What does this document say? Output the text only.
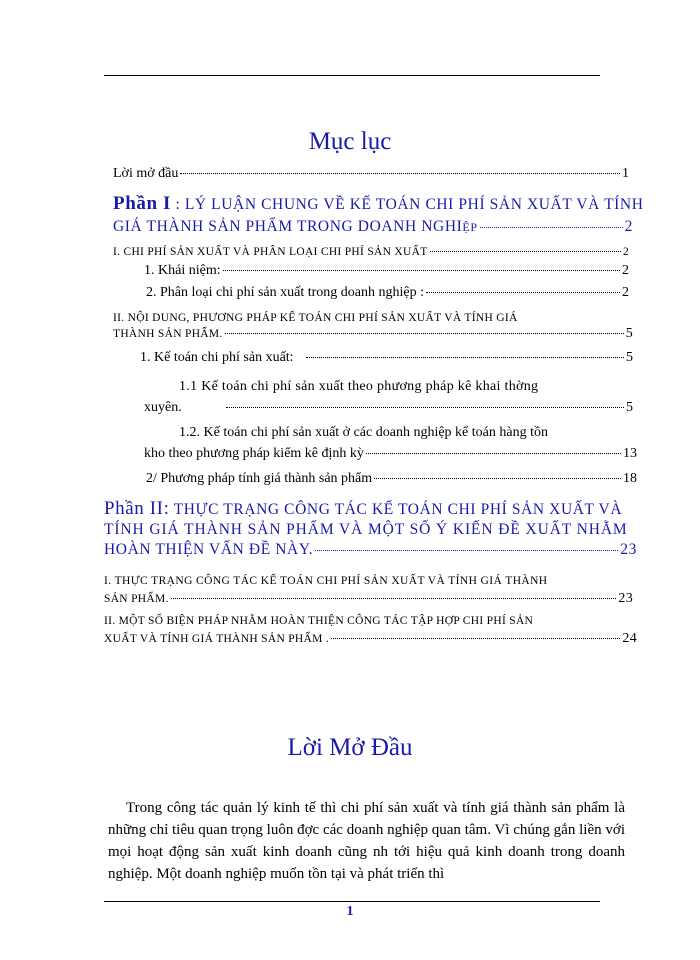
Mục lục
Lời mở đầu	1
Phần I : LÝ LUẬN CHUNG VỀ KẾ TOÁN CHI PHÍ SẢN XUẤT VÀ TÍNH
GIÁ THÀNH SẢN PHẨM TRONG DOANH NGHI ỆP	2
I. CHI PHÍ SẢN XUẤT VÀ PHÂN LOẠI CHI PHÍ SẢN XUẤT	2
1. Khái niệm:	2
2. Phân loại chi phí sản xuất trong doanh nghiệp :	2
II. NỘI DUNG, PHƯƠNG PHÁP KẾ TOÁN CHI PHÍ SẢN XUẤT VÀ TÍNH GIÁ
THÀNH SẢN PHẨM.	5
1. Kế toán chi phí sản xuất:	5
1.1 Kế toán chi phí sản xuất theo phương pháp kê khai thờng
xuyên.	5
1.2. Kế toán chi phí sản xuất ở các doanh nghiệp kế toán hàng tồn
kho theo phương pháp kiểm kê định kỳ	13
2/ Phương pháp tính giá thành sản phẩm	18
Phần II: THỰC TRẠNG CÔNG TÁC KẾ TOÁN CHI PHÍ SẢN XUẤT VÀ
TÍNH GIÁ THÀNH SẢN PHẨM VÀ MỘT SỐ Ý KIẾN ĐỀ XUẤT NHẰM
HOÀN THIỆN VẤN ĐỀ NÀY.	23
I. THỰC TRẠNG CÔNG TÁC KẾ TOÁN CHI PHÍ SẢN XUẤT VÀ TÍNH GIÁ THÀNH
SẢN PHẨM.	23
II. MỘT SỐ BIỆN PHÁP NHẰM HOÀN THIỆN CÔNG TÁC TẬP HỢP CHI PHÍ SẢN
XUẤT VÀ TÍNH GIÁ THÀNH SẢN PHẨM .	24
Lời Mở Đầu
Trong công tác quản lý kinh tế thì chi phí sản xuất và tính giá thành sản phẩm là những chỉ tiêu quan trọng luôn đợc các doanh nghiệp quan tâm. Vì chúng gắn liền với mọi hoạt động sản xuất kinh doanh cũng nh tới hiệu quả kinh doanh trong doanh nghiệp. Một doanh nghiệp muốn tồn tại và phát triển thì
1
